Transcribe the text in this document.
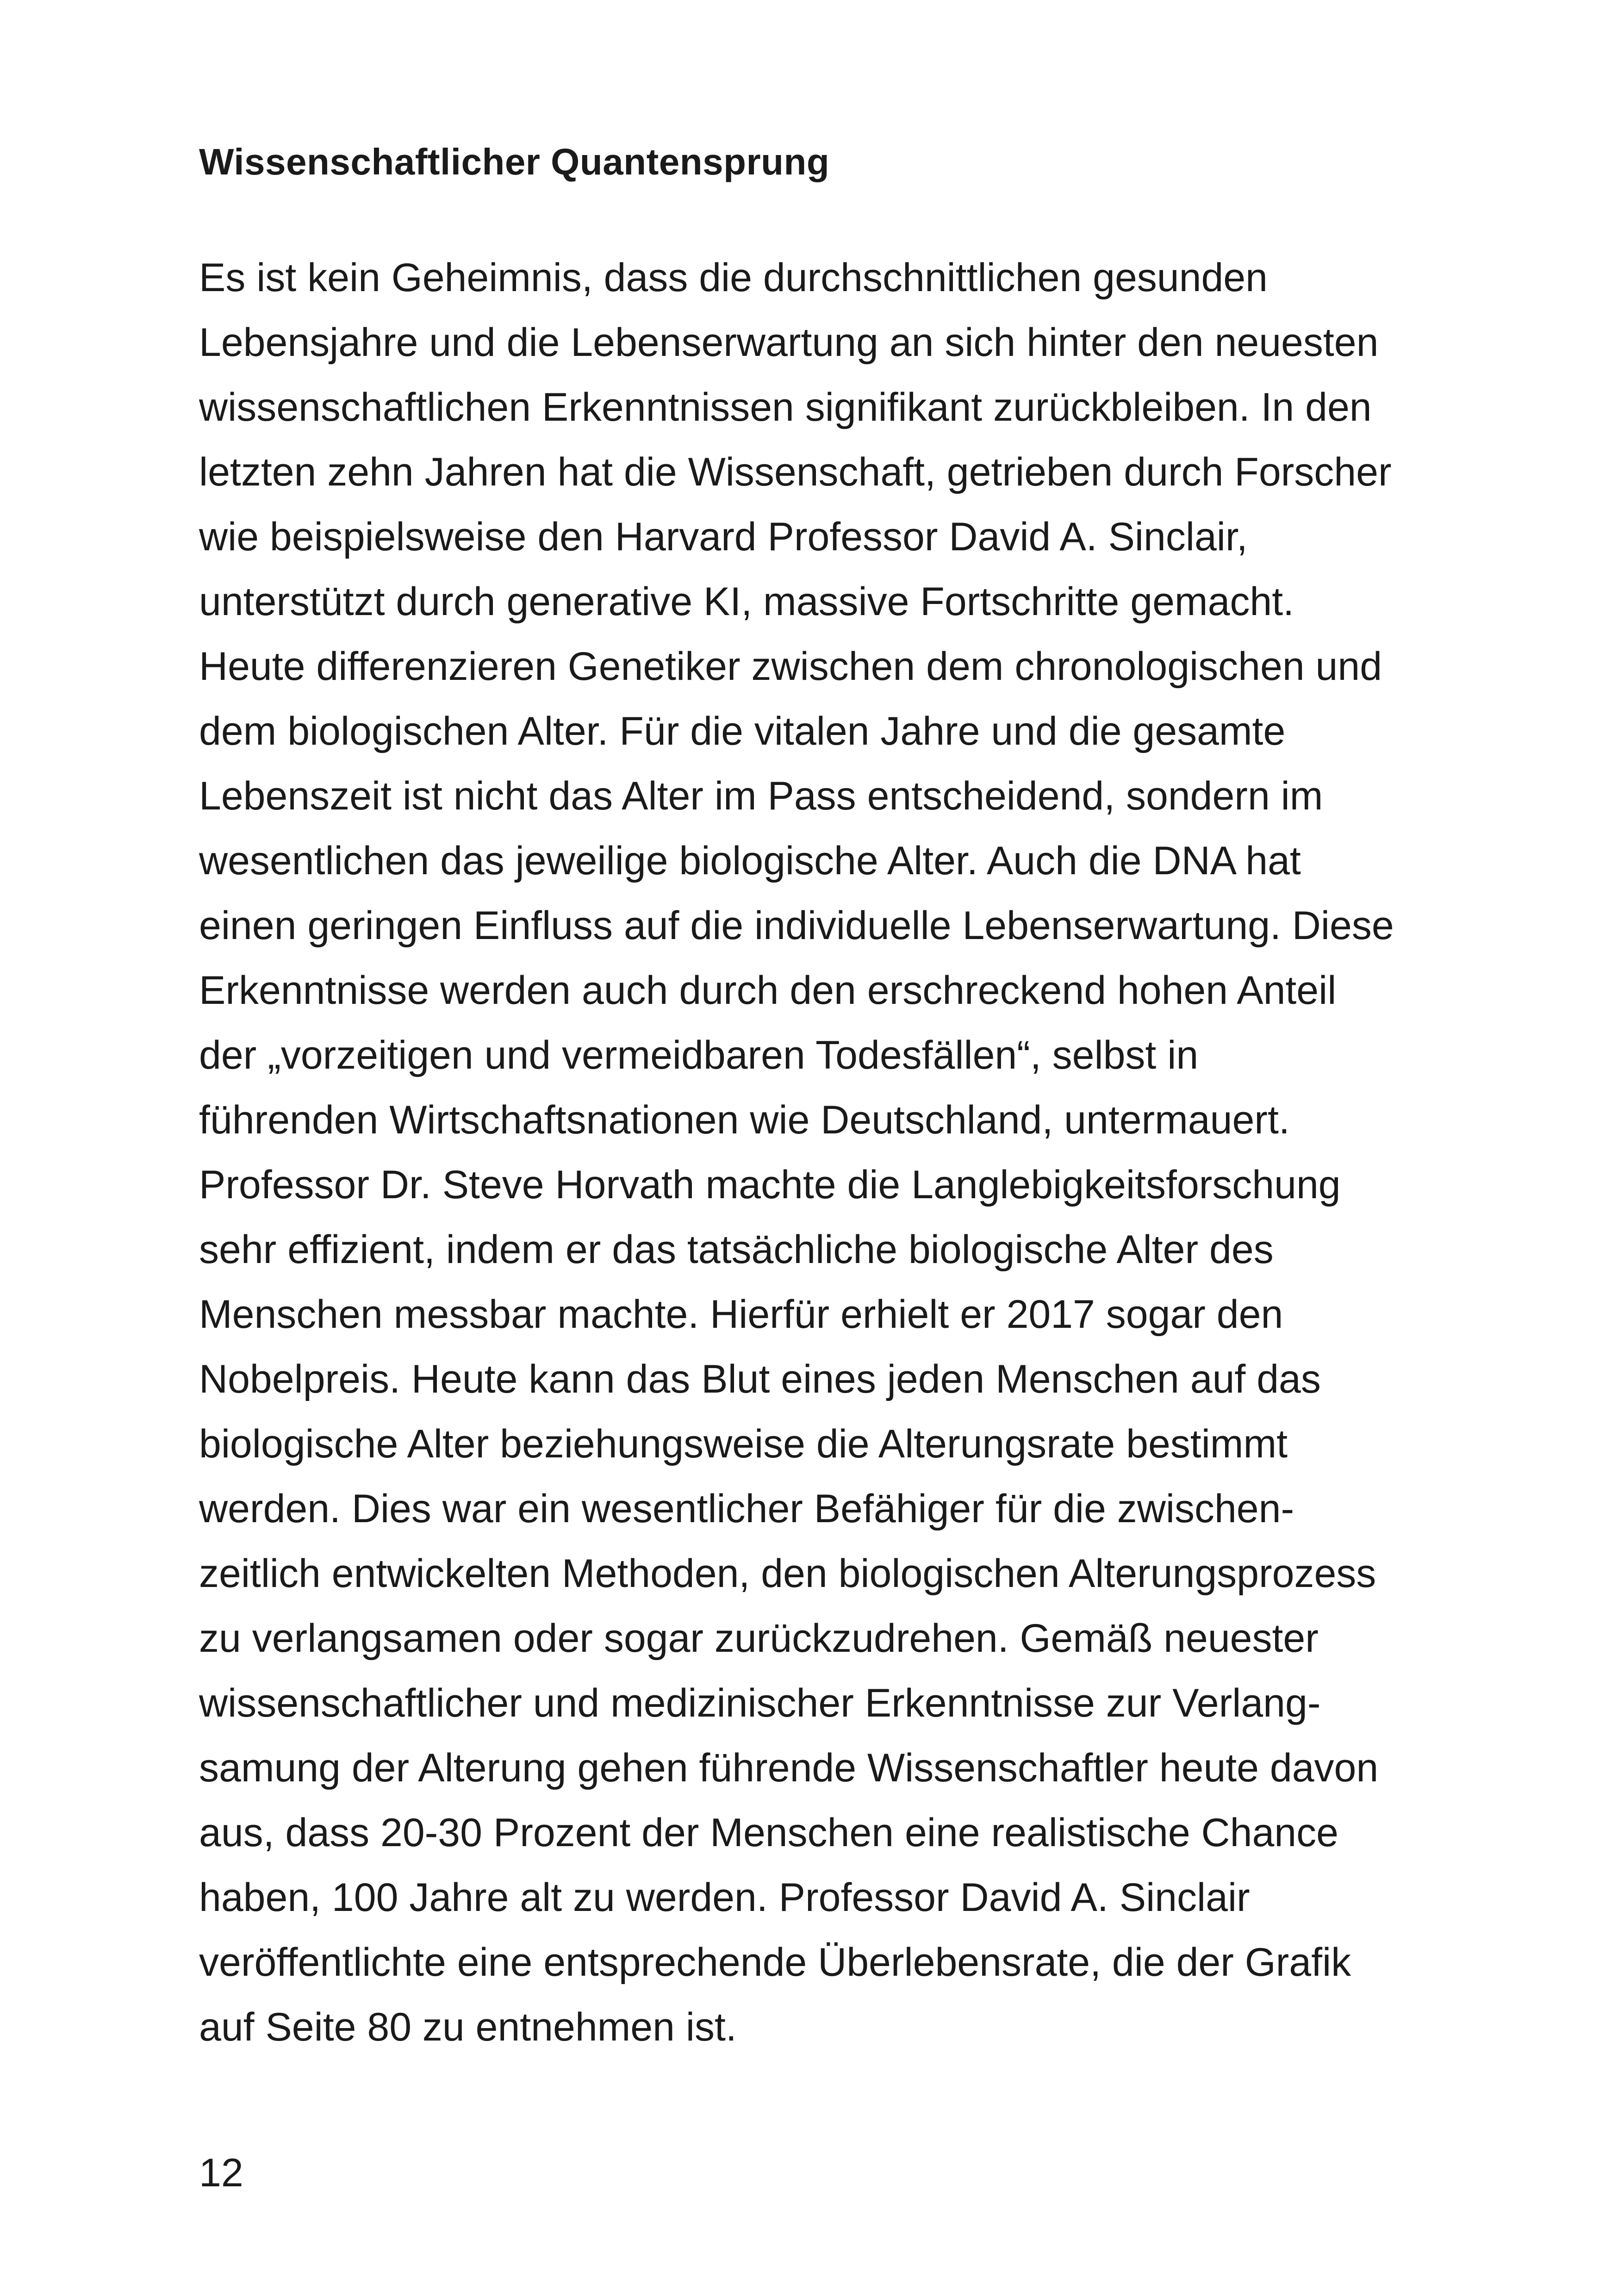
Wissenschaftlicher Quantensprung
Es ist kein Geheimnis, dass die durchschnittlichen gesunden
Lebensjahre und die Lebenserwartung an sich hinter den neuesten
wissenschaftlichen Erkenntnissen signifikant zurückbleiben. In den
letzten zehn Jahren hat die Wissenschaft, getrieben durch Forscher
wie beispielsweise den Harvard Professor David A. Sinclair,
unterstützt durch generative KI, massive Fortschritte gemacht.
Heute differenzieren Genetiker zwischen dem chronologischen und
dem biologischen Alter. Für die vitalen Jahre und die gesamte
Lebenszeit ist nicht das Alter im Pass entscheidend, sondern im
wesentlichen das jeweilige biologische Alter. Auch die DNA hat
einen geringen Einfluss auf die individuelle Lebenserwartung. Diese
Erkenntnisse werden auch durch den erschreckend hohen Anteil
der „vorzeitigen und vermeidbaren Todesfällen“, selbst in
führenden Wirtschaftsnationen wie Deutschland, untermauert.
Professor Dr. Steve Horvath machte die Langlebigkeitsforschung
sehr effizient, indem er das tatsächliche biologische Alter des
Menschen messbar machte. Hierfür erhielt er 2017 sogar den
Nobelpreis. Heute kann das Blut eines jeden Menschen auf das
biologische Alter beziehungsweise die Alterungsrate bestimmt
werden. Dies war ein wesentlicher Befähiger für die zwischen-
zeitlich entwickelten Methoden, den biologischen Alterungsprozess
zu verlangsamen oder sogar zurückzudrehen. Gemäß neuester
wissenschaftlicher und medizinischer Erkenntnisse zur Verlang-
samung der Alterung gehen führende Wissenschaftler heute davon
aus, dass 20-30 Prozent der Menschen eine realistische Chance
haben, 100 Jahre alt zu werden. Professor David A. Sinclair
veröffentlichte eine entsprechende Überlebensrate, die der Grafik
auf Seite 80 zu entnehmen ist.
12
